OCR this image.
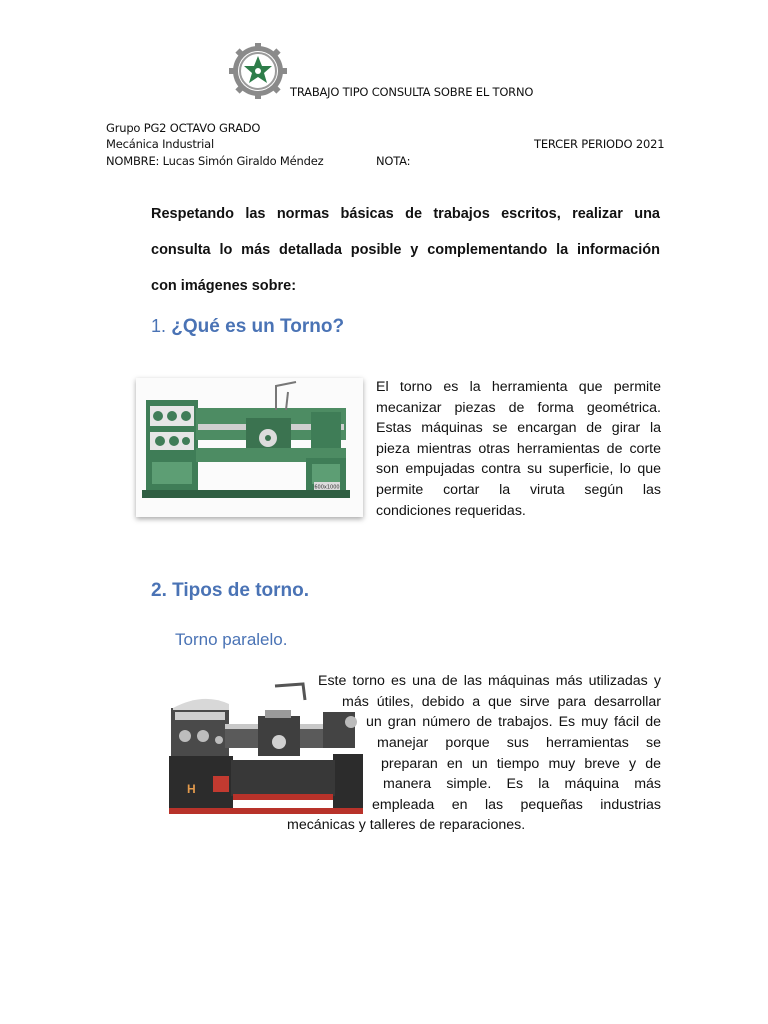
TRABAJO TIPO CONSULTA SOBRE EL TORNO
Grupo PG2 OCTAVO GRADO
Mecánica Industrial	TERCER PERIODO 2021
NOMBRE: Lucas Simón Giraldo Méndez	NOTA:
Respetando las normas básicas de trabajos escritos, realizar una
consulta lo más detallada posible y complementando la información
con imágenes sobre:
1. ¿Qué es un Torno?
600x1000
El torno es la herramienta que permite
mecanizar piezas de forma geométrica.
Estas máquinas se encargan de girar la
pieza mientras otras herramientas de corte
son empujadas contra su superficie, lo que
permite cortar la viruta según las
condiciones requeridas.
2. Tipos de torno.
Torno paralelo.
H
Este torno es una de las máquinas más utilizadas y
más útiles, debido a que sirve para desarrollar
un gran número de trabajos. Es muy fácil de
manejar porque sus herramientas se
preparan en un tiempo muy breve y de
manera simple. Es la máquina más
empleada en las pequeñas industrias
mecánicas y talleres de reparaciones.
